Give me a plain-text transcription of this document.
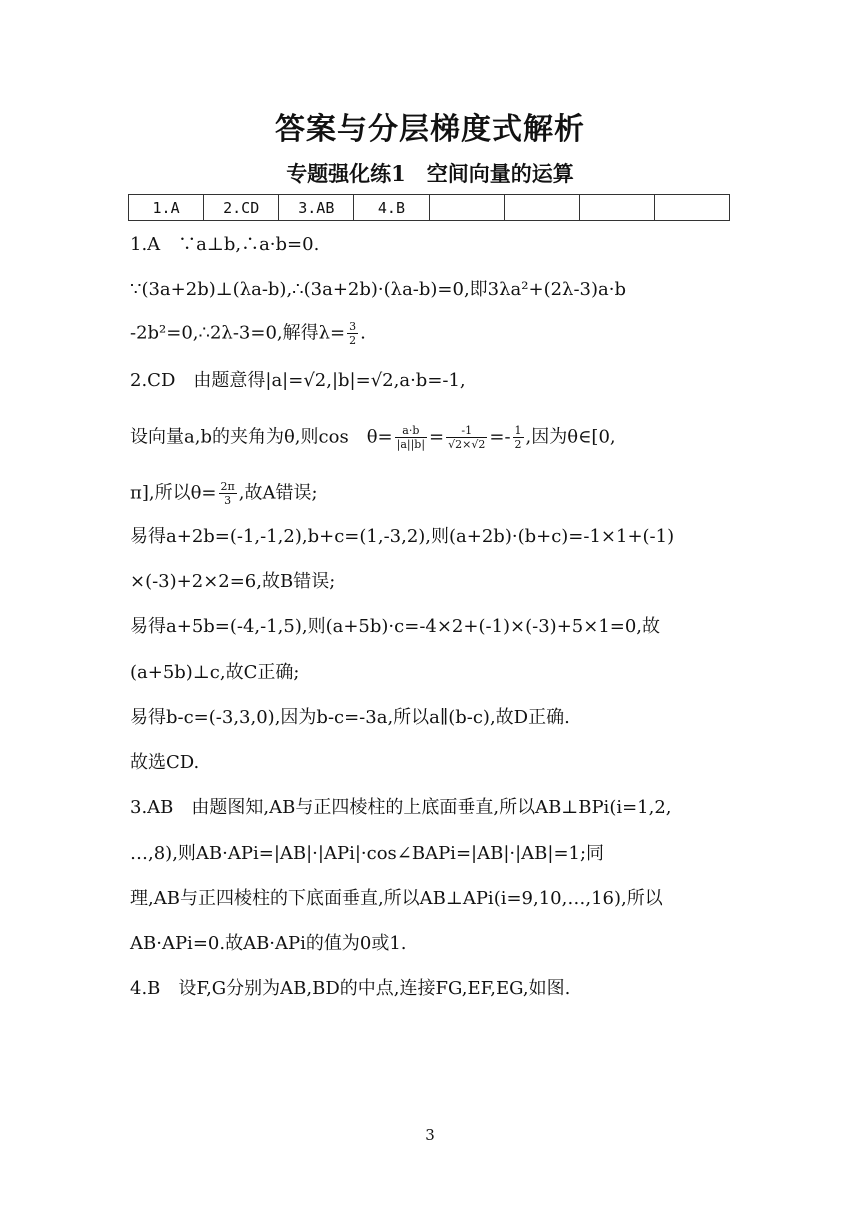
答案与分层梯度式解析
专题强化练1　空间向量的运算
1.A	2.CD	3.AB	4.B				
1.A　∵a⊥b,∴a·b=0.
∵(3a+2b)⊥(λa-b),∴(3a+2b)·(λa-b)=0,即3λa²+(2λ-3)a·b
-2b²=0,∴2λ-3=0,解得$\lambda= \frac{3}{2}$ .
2.CD　由题意得|a|=√2,|b|=√2,a·b=-1,
设向量a,b的夹角为θ,则cos　$\theta= \frac{a\cdot b}{|a||b|} = \frac{-1}{√2\times√2} =- \frac{1}{2}$ ,因为θ∈[0,
π],所以$\theta= \frac{2\pi}{3}$ ,故A错误;
易得a+2b=(-1,-1,2),b+c=(1,-3,2),则(a+2b)·(b+c)=-1×1+(-1)
×(-3)+2×2=6,故B错误;
易得a+5b=(-4,-1,5),则(a+5b)·c=-4×2+(-1)×(-3)+5×1=0,故
(a+5b)⊥c,故C正确;
易得b-c=(-3,3,0),因为b-c=-3a,所以a∥(b-c),故D正确.
故选CD.
3.AB　由题图知,AB与正四棱柱的上底面垂直,所以AB⊥BPi(i=1,2,
…,8),则AB·APi=|AB|·|APi|·cos∠BAPi=|AB|·|AB|=1;同
理,AB与正四棱柱的下底面垂直,所以AB⊥APi(i=9,10,…,16),所以
AB·APi=0.故AB·APi的值为0或1.
4.B　设F,G分别为AB,BD的中点,连接FG,EF,EG,如图.
3
